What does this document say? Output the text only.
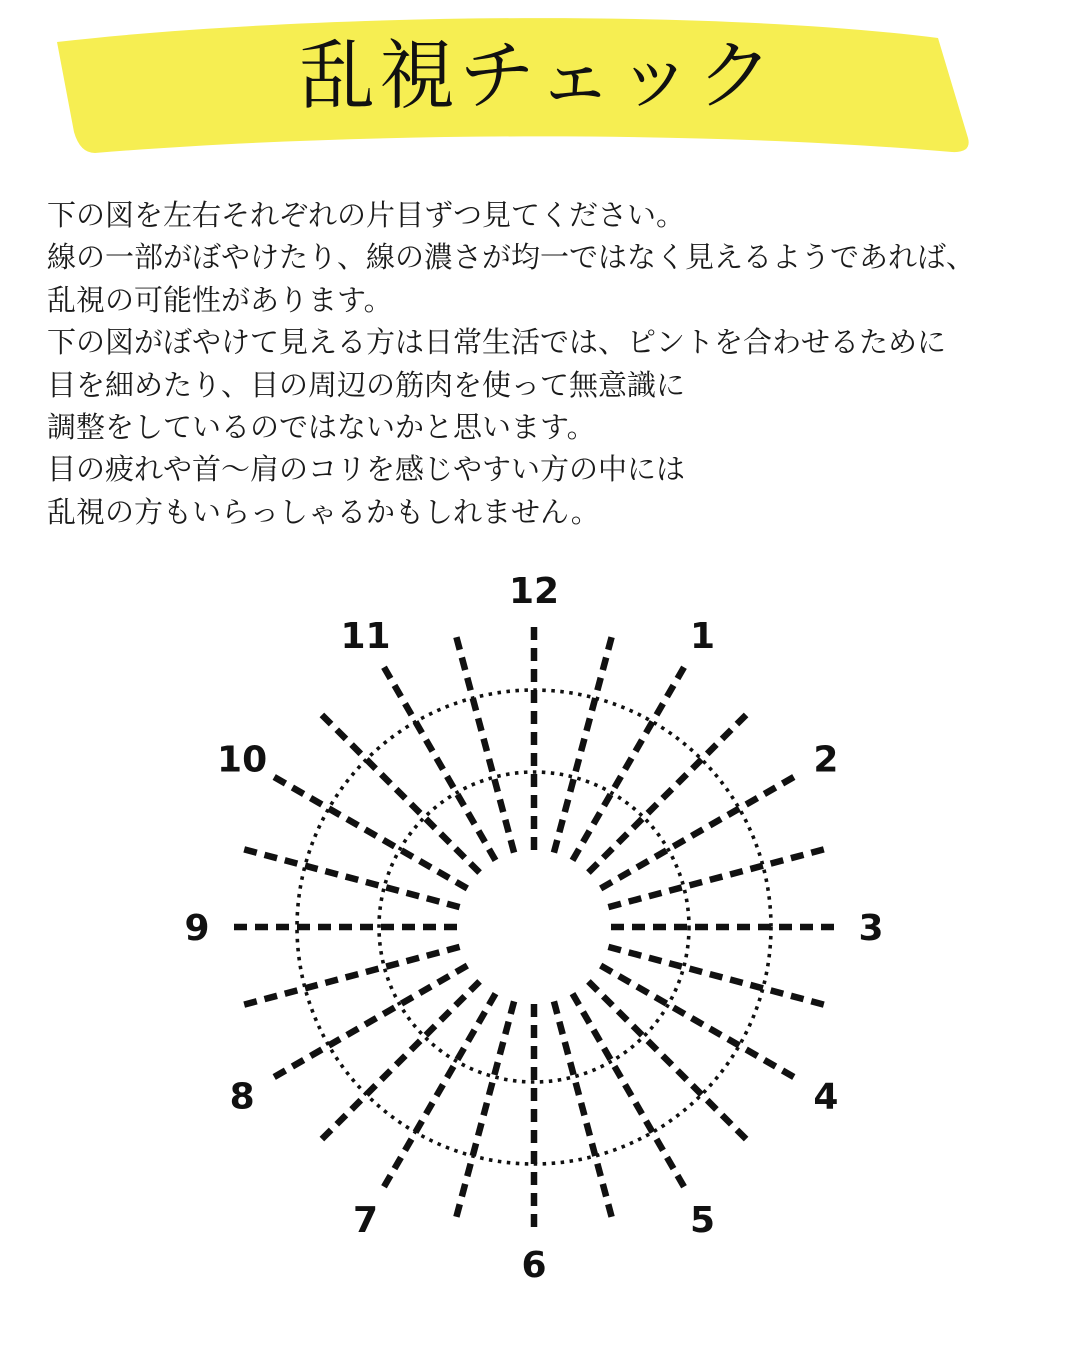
乱視チェック
下の図を左右それぞれの片目ずつ見てください。
線の一部がぼやけたり、線の濃さが均一ではなく見えるようであれば、
乱視の可能性があります。
下の図がぼやけて見える方は日常生活では、ピントを合わせるために
目を細めたり、目の周辺の筋肉を使って無意識に
調整をしているのではないかと思います。
目の疲れや首～肩のコリを感じやすい方の中には
乱視の方もいらっしゃるかもしれません。
12
1
2
3
4
5
6
7
8
9
10
11
